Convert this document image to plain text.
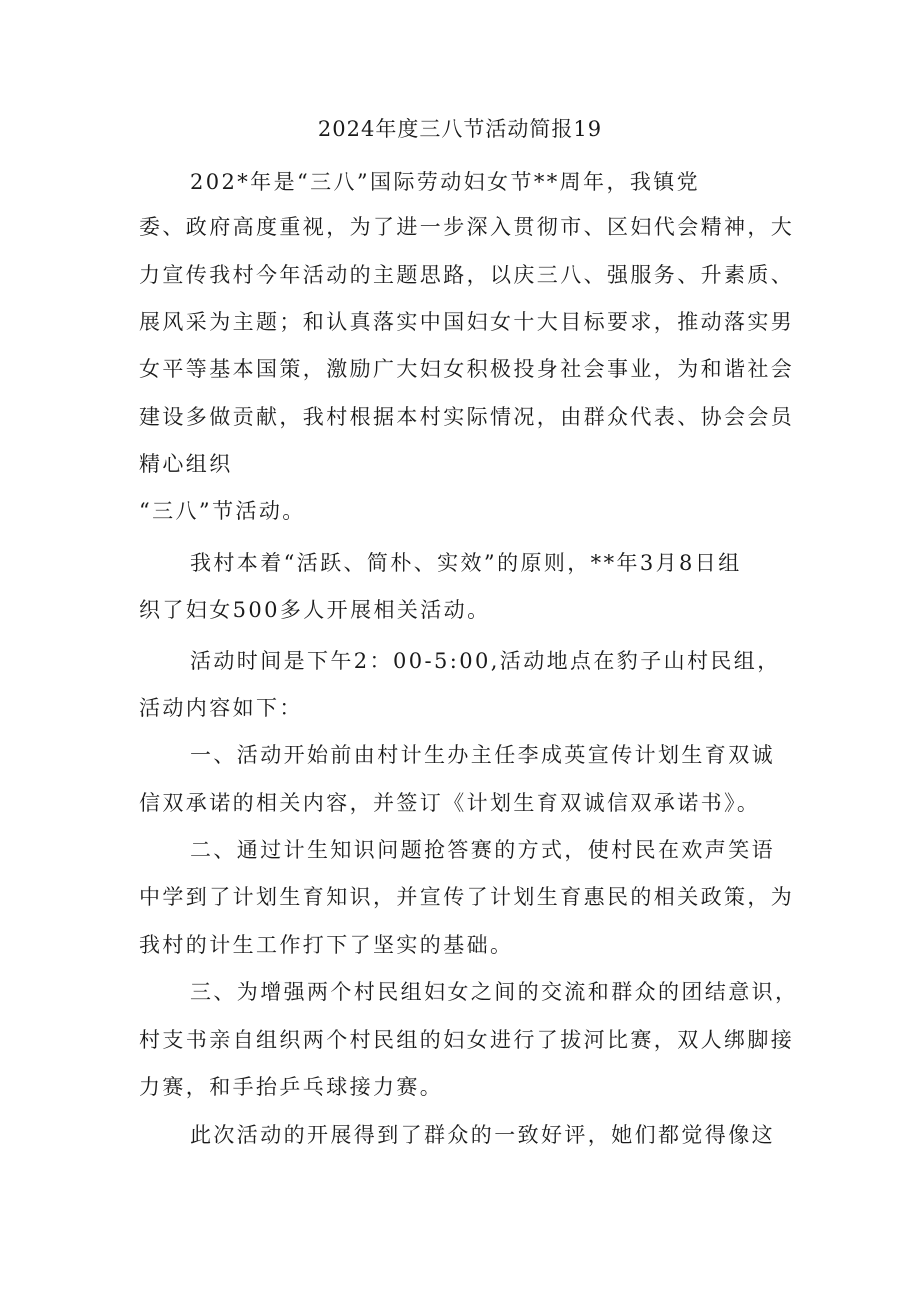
2024年度三八节活动简报19
202*年是“三八”国际劳动妇女节**周年，我镇党
委、政府高度重视，为了进一步深入贯彻市、区妇代会精神，大
力宣传我村今年活动的主题思路，以庆三八、强服务、升素质、
展风采为主题；和认真落实中国妇女十大目标要求，推动落实男
女平等基本国策，激励广大妇女积极投身社会事业，为和谐社会
建设多做贡献，我村根据本村实际情况，由群众代表、协会会员
精心组织
“三八”节活动。
我村本着“活跃、简朴、实效”的原则，**年3月8日组
织了妇女500多人开展相关活动。
活动时间是下午2：00-5:00,活动地点在豹子山村民组，
活动内容如下：
一、活动开始前由村计生办主任李成英宣传计划生育双诚
信双承诺的相关内容，并签订《计划生育双诚信双承诺书》。
二、通过计生知识问题抢答赛的方式，使村民在欢声笑语
中学到了计划生育知识，并宣传了计划生育惠民的相关政策，为
我村的计生工作打下了坚实的基础。
三、为增强两个村民组妇女之间的交流和群众的团结意识，
村支书亲自组织两个村民组的妇女进行了拔河比赛，双人绑脚接
力赛，和手抬乒乓球接力赛。
此次活动的开展得到了群众的一致好评，她们都觉得像这
